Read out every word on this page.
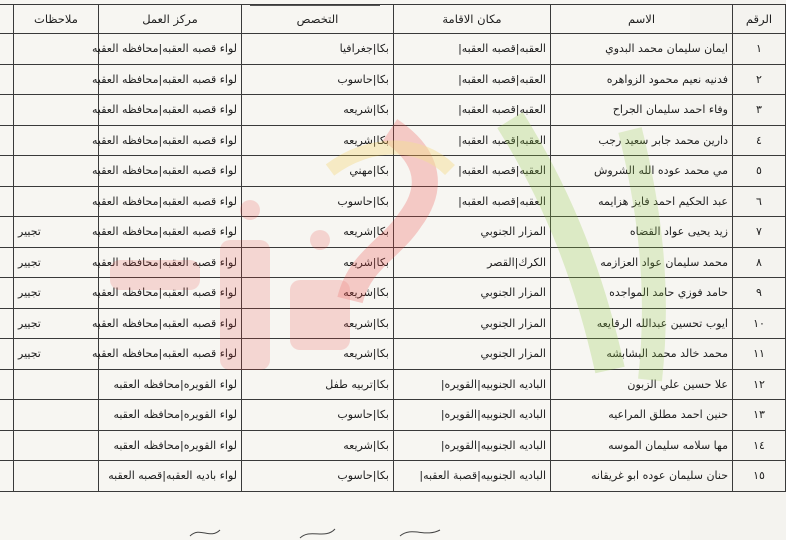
الرقم	الاسم	مكان الاقامة	التخصص	مركز العمل	ملاحظات	
١	ايمان سليمان محمد البدوي	العقبه|قصبه العقبه|	بكا|جغرافيا	لواء قصبه العقبه|محافظه العقبه		
٢	فدنيه نعيم محمود الزواهره	العقبه|قصبه العقبه|	بكا|حاسوب	لواء قصبه العقبه|محافظه العقبه		
٣	وفاء احمد سليمان الجراح	العقبه|قصبه العقبه|	بكا|شريعه	لواء قصبه العقبه|محافظه العقبه		
٤	دارين محمد جابر سعيد رجب	العقبه|قصبه العقبه|	بكا|شريعه	لواء قصبه العقبه|محافظه العقبه		
٥	مي محمد عوده الله الشروش	العقبه|قصبه العقبه|	بكا|مهني	لواء قصبه العقبه|محافظه العقبه		
٦	عبد الحكيم احمد فايز هزايمه	العقبه|قصبه العقبه|	بكا|حاسوب	لواء قصبه العقبه|محافظه العقبه		
٧	زيد يحيى عواد القضاه	المزار الجنوبي	بكا|شريعه	لواء قصبه العقبه|محافظه العقبه	تجيير	
٨	محمد سليمان عواد العزازمه	الكرك|القصر	بكا|شريعه	لواء قصبه العقبه|محافظه العقبه	تجيير	
٩	حامد فوزي حامد المواجده	المزار الجنوبي	بكا|شريعه	لواء قصبه العقبه|محافظه العقبه	تجيير	
١٠	ايوب تحسين عبدالله الرقايعه	المزار الجنوبي	بكا|شريعه	لواء قصبه العقبه|محافظه العقبه	تجيير	
١١	محمد خالد محمد البشابشه	المزار الجنوبي	بكا|شريعه	لواء قصبه العقبه|محافظه العقبه	تجيير	
١٢	علا حسين علي الزبون	الباديه الجنوبيه|القويره|	بكا|تربيه طفل	لواء القويره|محافظه العقبه		
١٣	حنين احمد مطلق المراعيه	الباديه الجنوبيه|القويره|	بكا|حاسوب	لواء القويره|محافظه العقبه		
١٤	مها سلامه سليمان الموسه	الباديه الجنوبيه|القويره|	بكا|شريعه	لواء القويره|محافظه العقبه		
١٥	حنان سليمان عوده ابو غريقانه	الباديه الجنوبيه|قصبة العقبه|	بكا|حاسوب	لواء باديه العقبه|قصبه العقبه		
